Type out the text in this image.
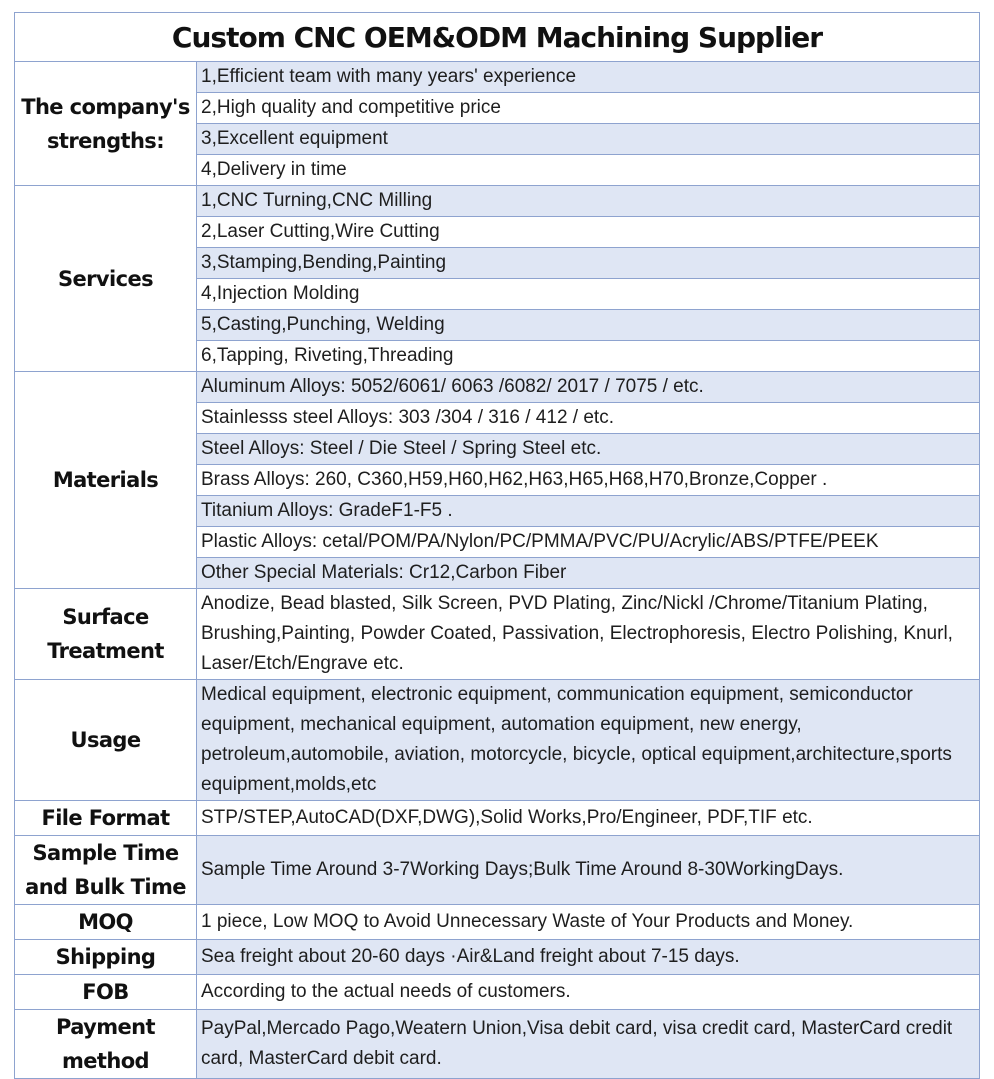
Custom CNC OEM&ODM Machining Supplier	
The company's strengths:	1,Efficient team with many years' experience
	2,High quality and competitive price
	3,Excellent equipment
	4,Delivery in time
Services	1,CNC Turning,CNC Milling
	2,Laser Cutting,Wire Cutting
	3,Stamping,Bending,Painting
	4,Injection Molding
	5,Casting,Punching, Welding
	6,Tapping, Riveting,Threading
Materials	Aluminum Alloys: 5052/6061/ 6063 /6082/ 2017 / 7075 / etc.
	Stainlesss steel Alloys: 303 /304 / 316 / 412 / etc.
	Steel Alloys: Steel / Die Steel / Spring Steel etc.
	Brass Alloys: 260, C360,H59,H60,H62,H63,H65,H68,H70,Bronze,Copper .
	Titanium Alloys: GradeF1-F5 .
	Plastic Alloys: cetal/POM/PA/Nylon/PC/PMMA/PVC/PU/Acrylic/ABS/PTFE/PEEK
	Other Special Materials: Cr12,Carbon Fiber
Surface Treatment	Anodize, Bead blasted, Silk Screen, PVD Plating, Zinc/Nickl /Chrome/Titanium Plating, Brushing,Painting, Powder Coated, Passivation, Electrophoresis, Electro Polishing, Knurl, Laser/Etch/Engrave etc.
Usage	Medical equipment, electronic equipment, communication equipment, semiconductor equipment, mechanical equipment, automation equipment, new energy, petroleum,automobile, aviation, motorcycle, bicycle, optical equipment,architecture,sports equipment,molds,etc
File Format	STP/STEP,AutoCAD(DXF,DWG),Solid Works,Pro/Engineer, PDF,TIF etc.
Sample Time and Bulk Time	Sample Time Around 3-7Working Days;Bulk Time Around 8-30WorkingDays.
MOQ	1 piece, Low MOQ to Avoid Unnecessary Waste of Your Products and Money.
Shipping	Sea freight about 20-60 days ·Air&Land freight about 7-15 days.
FOB	According to the actual needs of customers.
Payment method	PayPal,Mercado Pago,Weatern Union,Visa debit card, visa credit card, MasterCard credit card, MasterCard debit card.
